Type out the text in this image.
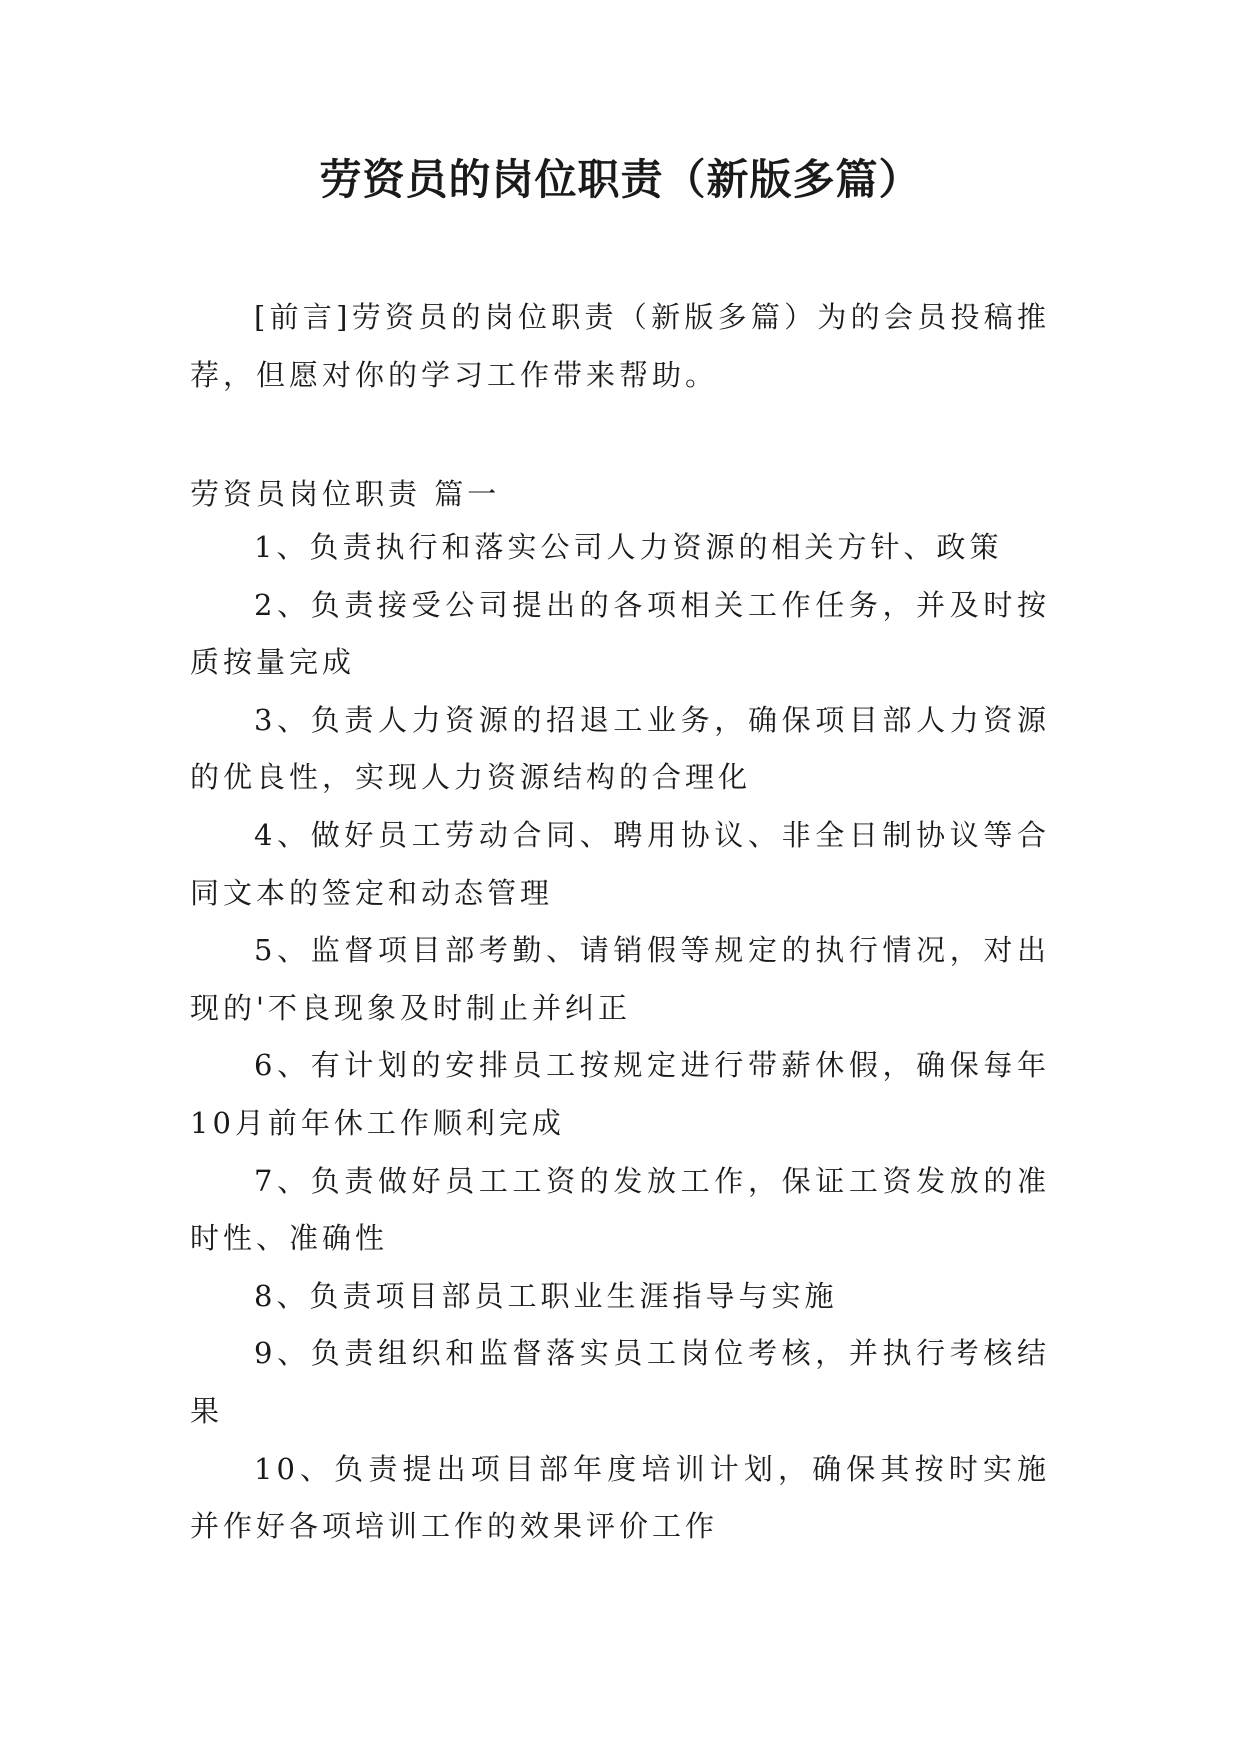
劳资员的岗位职责（新版多篇）

[前言]劳资员的岗位职责（新版多篇）为的会员投稿推荐，但愿对你的学习工作带来帮助。

劳资员岗位职责 篇一

1、负责执行和落实公司人力资源的相关方针、政策
2、负责接受公司提出的各项相关工作任务，并及时按质按量完成
3、负责人力资源的招退工业务，确保项目部人力资源的优良性，实现人力资源结构的合理化
4、做好员工劳动合同、聘用协议、非全日制协议等合同文本的签定和动态管理
5、监督项目部考勤、请销假等规定的执行情况，对出现的'不良现象及时制止并纠正
6、有计划的安排员工按规定进行带薪休假，确保每年10月前年休工作顺利完成
7、负责做好员工工资的发放工作，保证工资发放的准时性、准确性
8、负责项目部员工职业生涯指导与实施
9、负责组织和监督落实员工岗位考核，并执行考核结果
10、负责提出项目部年度培训计划，确保其按时实施并作好各项培训工作的效果评价工作
